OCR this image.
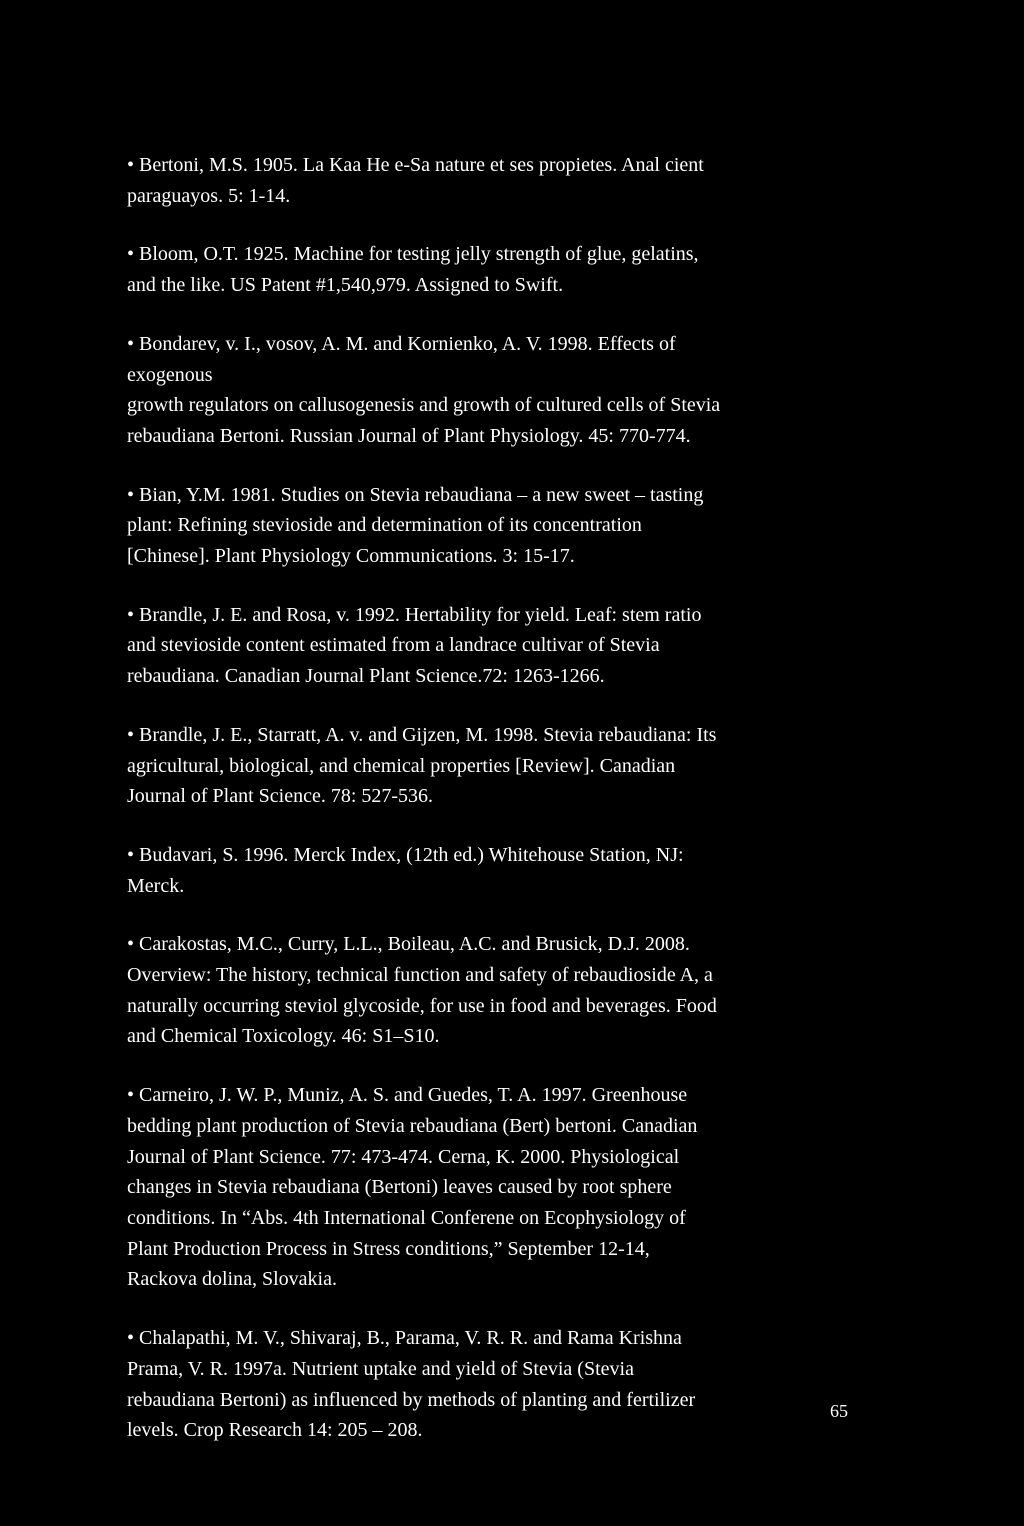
• Bertoni, M.S. 1905. La Kaa He e-Sa nature et ses propietes. Anal cient
paraguayos. 5: 1-14.
• Bloom, O.T. 1925. Machine for testing jelly strength of glue, gelatins,
and the like. US Patent #1,540,979. Assigned to Swift.
• Bondarev, v. I., vosov, A. M. and Kornienko, A. V. 1998. Effects of
exogenous
growth regulators on callusogenesis and growth of cultured cells of Stevia
rebaudiana Bertoni. Russian Journal of Plant Physiology. 45: 770-774.
• Bian, Y.M. 1981. Studies on Stevia rebaudiana – a new sweet – tasting
plant: Refining stevioside and determination of its concentration
[Chinese]. Plant Physiology Communications. 3: 15-17.
• Brandle, J. E. and Rosa, v. 1992. Hertability for yield. Leaf: stem ratio
and stevioside content estimated from a landrace cultivar of Stevia
rebaudiana. Canadian Journal Plant Science.72: 1263-1266.
• Brandle, J. E., Starratt, A. v. and Gijzen, M. 1998. Stevia rebaudiana: Its
agricultural, biological, and chemical properties [Review]. Canadian
Journal of Plant Science. 78: 527-536.
• Budavari, S. 1996. Merck Index, (12th ed.) Whitehouse Station, NJ:
Merck.
• Carakostas, M.C., Curry, L.L., Boileau, A.C. and Brusick, D.J. 2008.
Overview: The history, technical function and safety of rebaudioside A, a
naturally occurring steviol glycoside, for use in food and beverages. Food
and Chemical Toxicology. 46: S1–S10.
• Carneiro, J. W. P., Muniz, A. S. and Guedes, T. A. 1997. Greenhouse
bedding plant production of Stevia rebaudiana (Bert) bertoni. Canadian
Journal of Plant Science. 77: 473-474. Cerna, K. 2000. Physiological
changes in Stevia rebaudiana (Bertoni) leaves caused by root sphere
conditions. In “Abs. 4th International Conferene on Ecophysiology of
Plant Production Process in Stress conditions,” September 12-14,
Rackova dolina, Slovakia.
• Chalapathi, M. V., Shivaraj, B., Parama, V. R. R. and Rama Krishna
Prama, V. R. 1997a. Nutrient uptake and yield of Stevia (Stevia
rebaudiana Bertoni) as influenced by methods of planting and fertilizer
levels. Crop Research 14: 205 – 208.
65
